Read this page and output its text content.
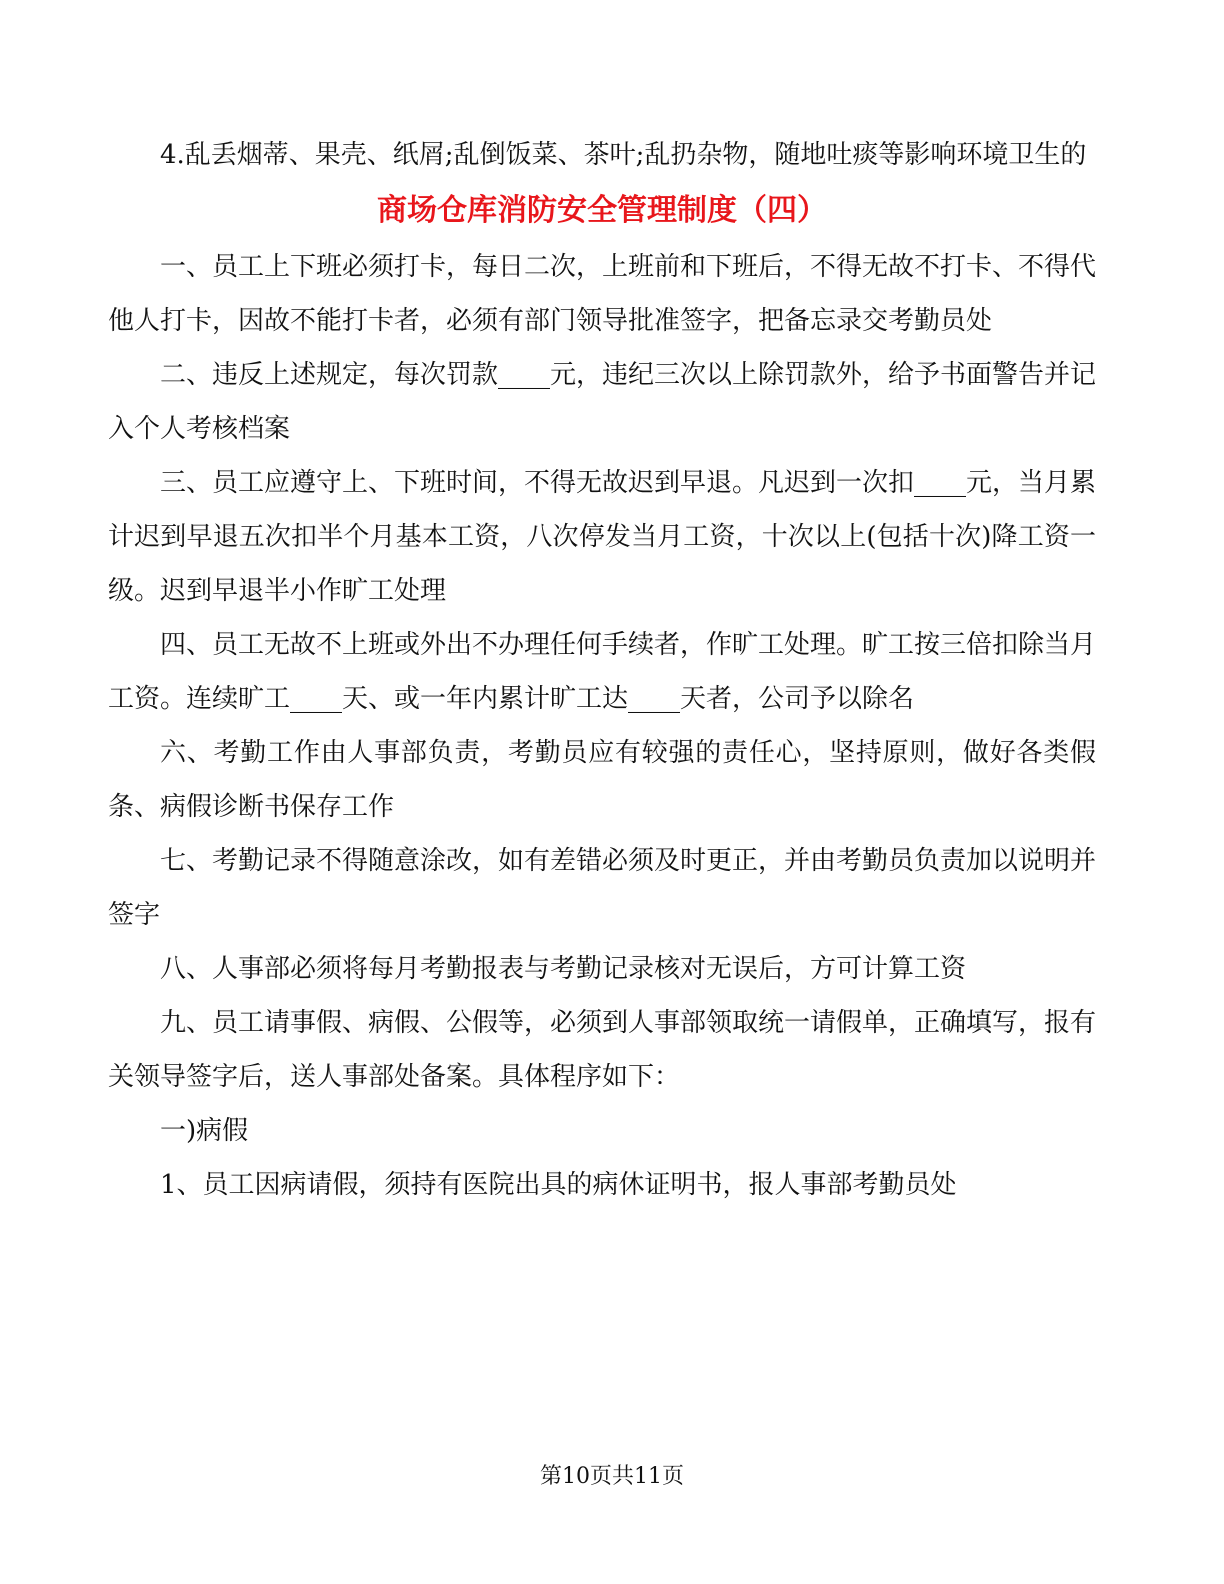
4.乱丢烟蒂、果壳、纸屑;乱倒饭菜、茶叶;乱扔杂物，随地吐痰等影响环境卫生的

商场仓库消防安全管理制度（四）

一、员工上下班必须打卡，每日二次，上班前和下班后，不得无故不打卡、不得代他人打卡，因故不能打卡者，必须有部门领导批准签字，把备忘录交考勤员处

二、违反上述规定，每次罚款____元，违纪三次以上除罚款外，给予书面警告并记入个人考核档案

三、员工应遵守上、下班时间，不得无故迟到早退。凡迟到一次扣____元，当月累计迟到早退五次扣半个月基本工资，八次停发当月工资，十次以上(包括十次)降工资一级。迟到早退半小作旷工处理

四、员工无故不上班或外出不办理任何手续者，作旷工处理。旷工按三倍扣除当月工资。连续旷工____天、或一年内累计旷工达____天者，公司予以除名

六、考勤工作由人事部负责，考勤员应有较强的责任心，坚持原则，做好各类假条、病假诊断书保存工作

七、考勤记录不得随意涂改，如有差错必须及时更正，并由考勤员负责加以说明并签字

八、人事部必须将每月考勤报表与考勤记录核对无误后，方可计算工资

九、员工请事假、病假、公假等，必须到人事部领取统一请假单，正确填写，报有关领导签字后，送人事部处备案。具体程序如下：

一)病假

1、员工因病请假，须持有医院出具的病休证明书，报人事部考勤员处

第10页共11页
